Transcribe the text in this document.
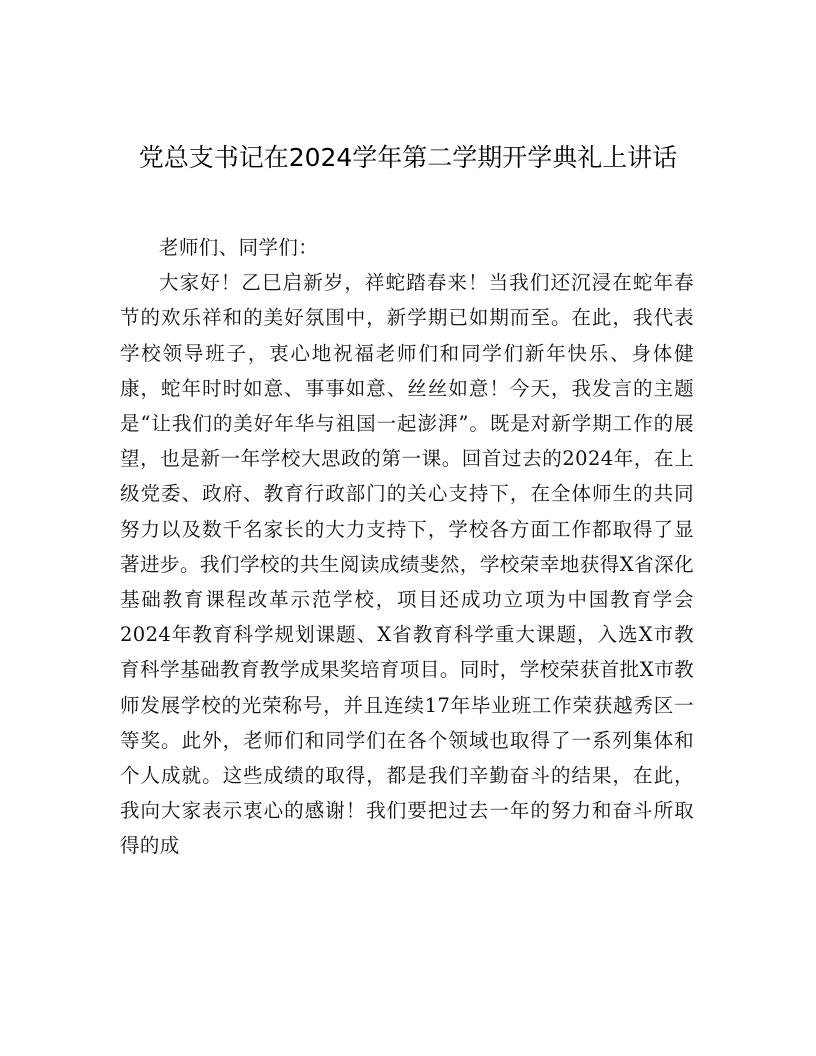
党总支书记在2024学年第二学期开学典礼上讲话

老师们、同学们：

大家好！乙巳启新岁，祥蛇踏春来！当我们还沉浸在蛇年春节的欢乐祥和的美好氛围中，新学期已如期而至。在此，我代表学校领导班子，衷心地祝福老师们和同学们新年快乐、身体健康，蛇年时时如意、事事如意、丝丝如意！今天，我发言的主题是“让我们的美好年华与祖国一起澎湃”。既是对新学期工作的展望，也是新一年学校大思政的第一课。回首过去的2024年，在上级党委、政府、教育行政部门的关心支持下，在全体师生的共同努力以及数千名家长的大力支持下，学校各方面工作都取得了显著进步。我们学校的共生阅读成绩斐然，学校荣幸地获得X省深化基础教育课程改革示范学校，项目还成功立项为中国教育学会2024年教育科学规划课题、X省教育科学重大课题，入选X市教育科学基础教育教学成果奖培育项目。同时，学校荣获首批X市教师发展学校的光荣称号，并且连续17年毕业班工作荣获越秀区一等奖。此外，老师们和同学们在各个领域也取得了一系列集体和个人成就。这些成绩的取得，都是我们辛勤奋斗的结果，在此，我向大家表示衷心的感谢！我们要把过去一年的努力和奋斗所取得的成
